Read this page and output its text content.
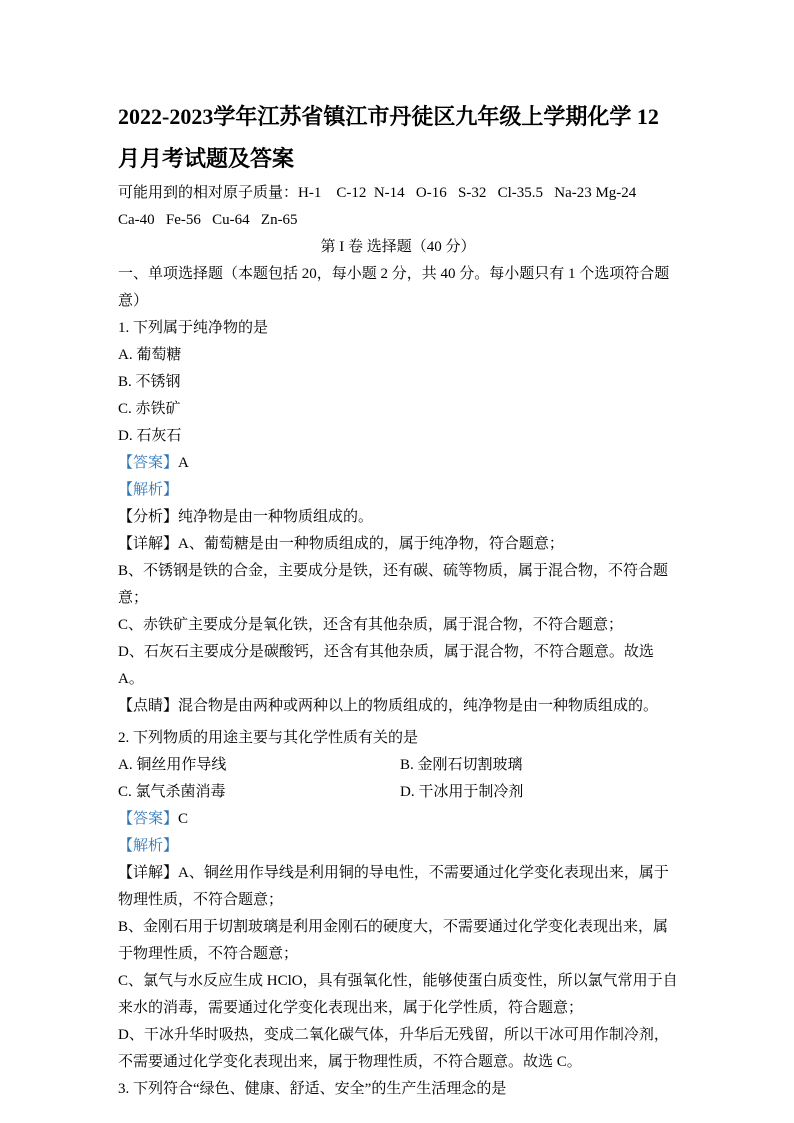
2022-2023学年江苏省镇江市丹徒区九年级上学期化学 12
月月考试题及答案

可能用到的相对原子质量：H-1    C-12  N-14   O-16   S-32   Cl-35.5   Na-23 Mg-24

Ca-40   Fe-56   Cu-64   Zn-65

第 I 卷 选择题（40 分）

一、单项选择题（本题包括 20，每小题 2 分，共 40 分。每小题只有 1 个选项符合题意）

1. 下列属于纯净物的是

A. 葡萄糖

B. 不锈钢

C. 赤铁矿

D. 石灰石

【答案】A

【解析】

【分析】纯净物是由一种物质组成的。

【详解】A、葡萄糖是由一种物质组成的，属于纯净物，符合题意；

B、不锈钢是铁的合金，主要成分是铁，还有碳、硫等物质，属于混合物，不符合题意；

C、赤铁矿主要成分是氧化铁，还含有其他杂质，属于混合物，不符合题意；

D、石灰石主要成分是碳酸钙，还含有其他杂质，属于混合物，不符合题意。故选 A。

【点睛】混合物是由两种或两种以上的物质组成的，纯净物是由一种物质组成的。

2. 下列物质的用途主要与其化学性质有关的是

A. 铜丝用作导线	B. 金刚石切割玻璃
C. 氯气杀菌消毒	D. 干冰用于制冷剂

【答案】C

【解析】

【详解】A、铜丝用作导线是利用铜的导电性，不需要通过化学变化表现出来，属于物理性质，不符合题意；

B、金刚石用于切割玻璃是利用金刚石的硬度大，不需要通过化学变化表现出来，属于物理性质，不符合题意；

C、氯气与水反应生成 HClO，具有强氧化性，能够使蛋白质变性，所以氯气常用于自来水的消毒，需要通过化学变化表现出来，属于化学性质，符合题意；

D、干冰升华时吸热，变成二氧化碳气体，升华后无残留，所以干冰可用作制冷剂，不需要通过化学变化表现出来，属于物理性质，不符合题意。故选 C。

3. 下列符合“绿色、健康、舒适、安全”的生产生活理念的是
